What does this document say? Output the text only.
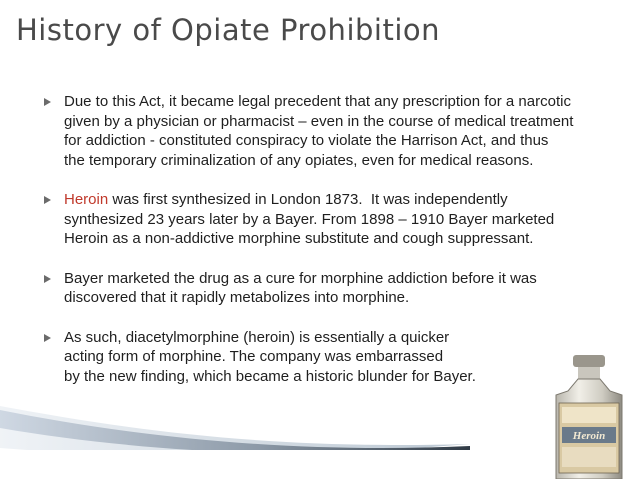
History of Opiate Prohibition
Due to this Act, it became legal precedent that any prescription for a narcotic
given by a physician or pharmacist – even in the course of medical treatment
for addiction - constituted conspiracy to violate the Harrison Act, and thus
the temporary criminalization of any opiates, even for medical reasons.
Heroin was first synthesized in London 1873.  It was independently
synthesized 23 years later by a Bayer. From 1898 – 1910 Bayer marketed
Heroin as a non-addictive morphine substitute and cough suppressant.
Bayer marketed the drug as a cure for morphine addiction before it was
discovered that it rapidly metabolizes into morphine.
As such, diacetylmorphine (heroin) is essentially a quicker
acting form of morphine. The company was embarrassed
by the new finding, which became a historic blunder for Bayer.
Heroin
